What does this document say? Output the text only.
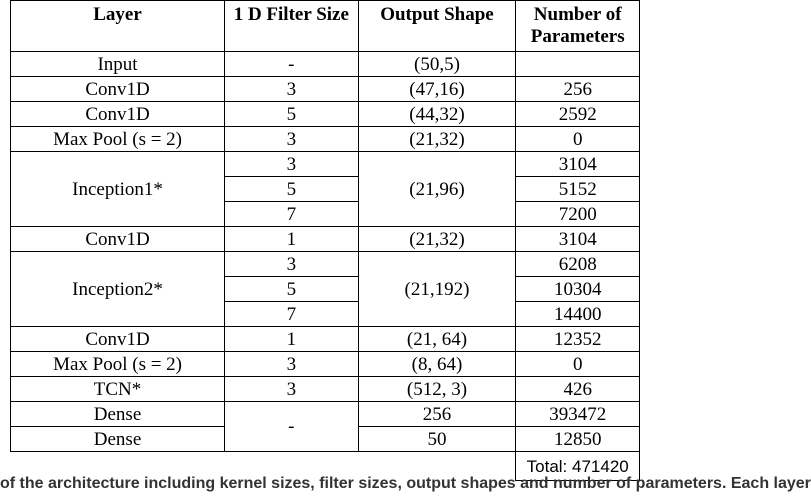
Layer	1 D Filter Size	Output Shape	Number of Parameters
Input	-	(50,5)	
Conv1D	3	(47,16)	256
Conv1D	5	(44,32)	2592
Max Pool (s = 2)	3	(21,32)	0
Inception1*	3	(21,96)	3104
	5		5152
	7		7200
Conv1D	1	(21,32)	3104
Inception2*	3	(21,192)	6208
	5		10304
	7		14400
Conv1D	1	(21, 64)	12352
Max Pool (s = 2)	3	(8, 64)	0
TCN*	3	(512, 3)	426
Dense	-	256	393472
Dense		50	12850
			Total: 471420
of the architecture including kernel sizes, filter sizes, output shapes and number of parameters. Each layer
